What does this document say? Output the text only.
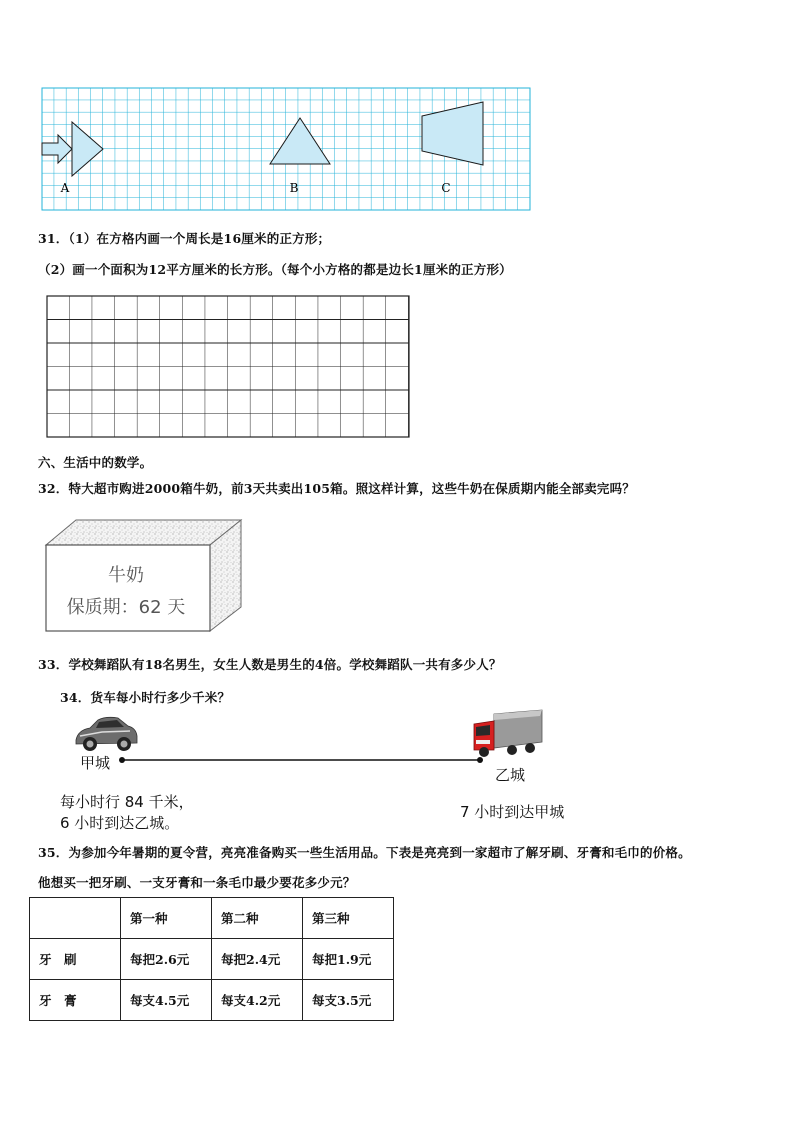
A	B	C
31．（1）在方格内画一个周长是16厘米的正方形；
（2）画一个面积为12平方厘米的长方形。（每个小方格的都是边长1厘米的正方形）
六、生活中的数学。
32．特大超市购进2000箱牛奶，前3天共卖出105箱。照这样计算，这些牛奶在保质期内能全部卖完吗？
牛奶
保质期：62 天
33．学校舞蹈队有18名男生，女生人数是男生的4倍。学校舞蹈队一共有多少人？
34．货车每小时行多少千米？
甲城
乙城
每小时行 84 千米，
6 小时到达乙城。
7 小时到达甲城
35．为参加今年暑期的夏令营，亮亮准备购买一些生活用品。下表是亮亮到一家超市了解牙刷、牙膏和毛巾的价格。
他想买一把牙刷、一支牙膏和一条毛巾最少要花多少元？
	第一种	第二种	第三种
牙　刷	每把2.6元	每把2.4元	每把1.9元
牙　膏	每支4.5元	每支4.2元	每支3.5元
